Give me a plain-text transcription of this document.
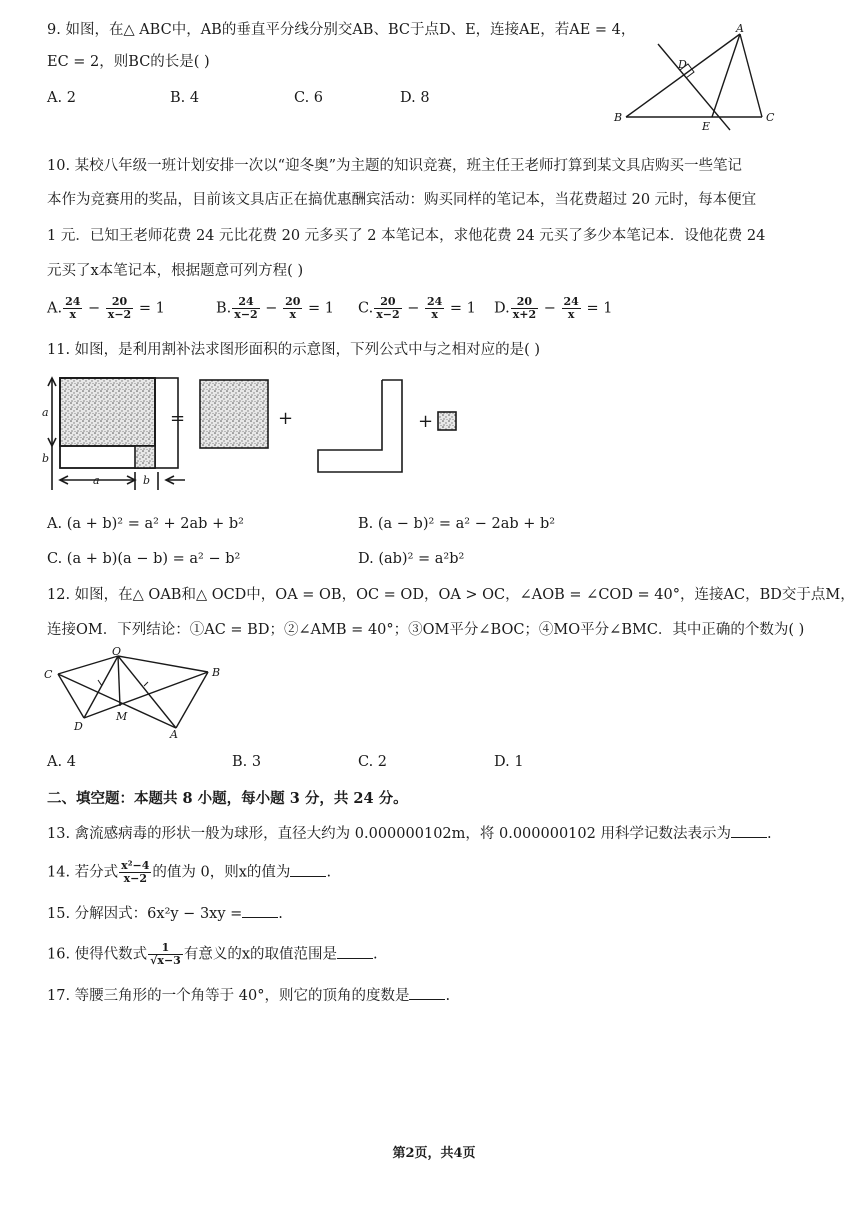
9. 如图，在△ ABC中，AB的垂直平分线分别交AB、BC于点D、E，连接AE，若AE = 4，
EC = 2，则BC的长是( )
A. 2	B. 4	C. 6	D. 8
A
B	C
D
E
10. 某校八年级一班计划安排一次以“迎冬奥”为主题的知识竞赛，班主任王老师打算到某文具店购买一些笔记
本作为竞赛用的奖品，目前该文具店正在搞优惠酬宾活动：购买同样的笔记本，当花费超过 20 元时，每本便宜
1 元．已知王老师花费 24 元比花费 20 元多买了 2 本笔记本，求他花费 24 元买了多少本笔记本．设他花费 24
元买了x本笔记本，根据题意可列方程( )
A. $\frac{24}{x} - \frac{20}{x-2} = 1$	B. $\frac{24}{x-2} - \frac{20}{x} = 1$ C. $\frac{20}{x-2} - \frac{24}{x} = 1$ D. $\frac{20}{x+2} - \frac{24}{x} = 1$
11. 如图，是利用割补法求图形面积的示意图，下列公式中与之相对应的是( )
a
b
a	b
=	+	+
A. (a + b)² = a² + 2ab + b²	B. (a − b)² = a² − 2ab + b²
C. (a + b)(a − b) = a² − b²	D. (ab)² = a²b²
12. 如图，在△ OAB和△ OCD中，OA = OB，OC = OD，OA > OC，∠AOB = ∠COD = 40°，连接AC，BD交于点M，
连接OM．下列结论：①AC = BD；②∠AMB = 40°；③OM平分∠BOC；④MO平分∠BMC．其中正确的个数为( )
O
C	B
D
M
A
A. 4	B. 3	C. 2	D. 1
二、填空题：本题共 8 小题，每小题 3 分，共 24 分。
13. 禽流感病毒的形状一般为球形，直径大约为 0.000000102m，将 0.000000102 用科学记数法表示为 .
14. 若分式 $\frac{\text{x²−4}}{x-2}$ 的值为 0，则x的值为 .
15. 分解因式：6x²y − 3xy = .
16. 使得代数式 $\frac{1}{√x-3}$ 有意义的x的取值范围是 .
17. 等腰三角形的一个角等于 40°，则它的顶角的度数是 .
第2页，共4页
